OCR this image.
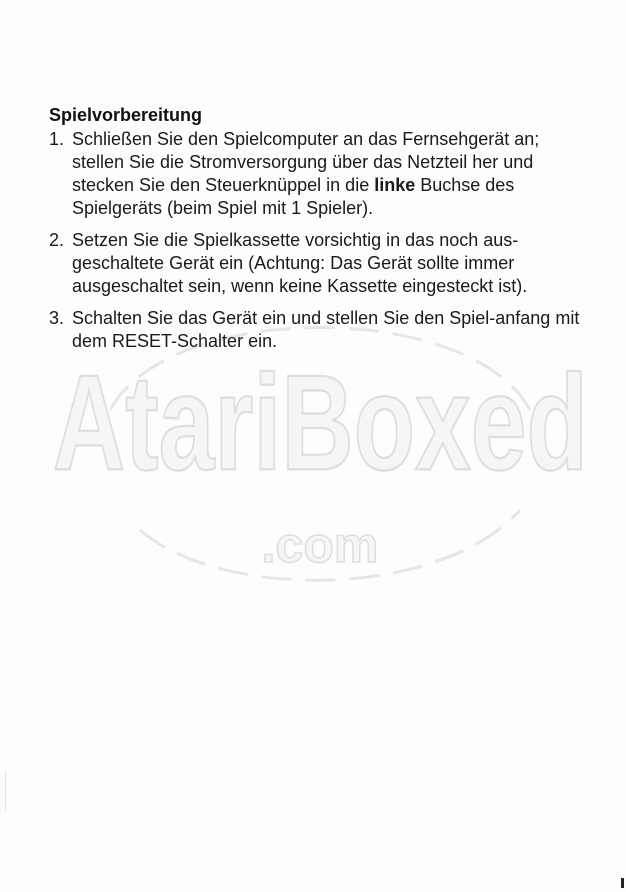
AtariBoxed
.com
Spielvorbereitung
1. Schließen Sie den Spielcomputer an das Fernsehgerät an; stellen Sie die Stromversorgung über das Netzteil her und stecken Sie den Steuerknüppel in die linke Buchse des Spielgeräts (beim Spiel mit 1 Spieler).
2. Setzen Sie die Spielkassette vorsichtig in das noch aus-geschaltete Gerät ein (Achtung: Das Gerät sollte immer ausgeschaltet sein, wenn keine Kassette eingesteckt ist).
3. Schalten Sie das Gerät ein und stellen Sie den Spiel-anfang mit dem RESET-Schalter ein.
